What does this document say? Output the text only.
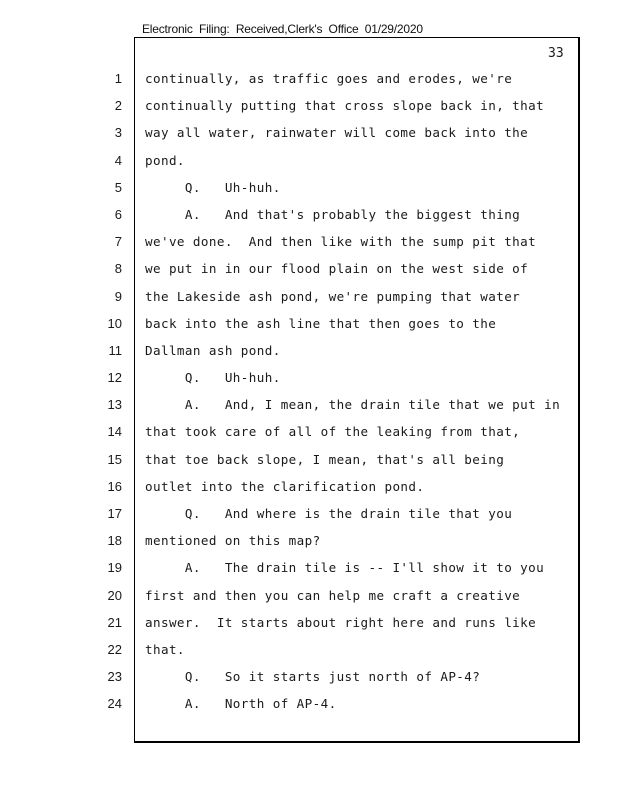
Electronic  Filing:  Received,Clerk's  Office  01/29/2020
33
1
2
3
4
5
6
7
8
9
10
11
12
13
14
15
16
17
18
19
20
21
22
23
24
continually, as traffic goes and erodes, we're
continually putting that cross slope back in, that
way all water, rainwater will come back into the
pond.
Q.   Uh-huh.
A.   And that's probably the biggest thing
we've done.  And then like with the sump pit that
we put in in our flood plain on the west side of
the Lakeside ash pond, we're pumping that water
back into the ash line that then goes to the
Dallman ash pond.
Q.   Uh-huh.
A.   And, I mean, the drain tile that we put in
that took care of all of the leaking from that,
that toe back slope, I mean, that's all being
outlet into the clarification pond.
Q.   And where is the drain tile that you
mentioned on this map?
A.   The drain tile is -- I'll show it to you
first and then you can help me craft a creative
answer.  It starts about right here and runs like
that.
Q.   So it starts just north of AP-4?
A.   North of AP-4.
